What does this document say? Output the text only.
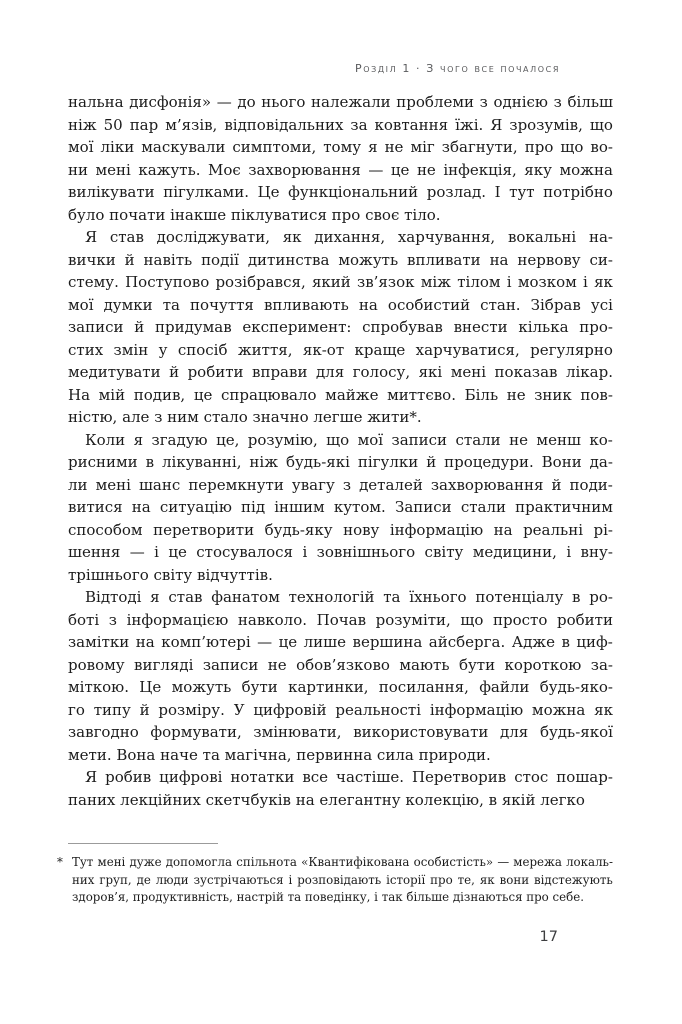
Розділ 1 · З чого все почалося
нальна дисфонія» — до нього належали проблеми з однією з більш
ніж 50 пар м’язів, відповідальних за ковтання їжі. Я зрозумів, що
мої ліки маскували симптоми, тому я не міг збагнути, про що во-
ни мені кажуть. Моє захворювання — це не інфекція, яку можна
вилікувати пігулками. Це функціональний розлад. І тут потрібно
було почати інакше піклуватися про своє тіло.
Я став досліджувати, як дихання, харчування, вокальні на-
вички й навіть події дитинства можуть впливати на нервову си-
стему. Поступово розібрався, який зв’язок між тілом і мозком і як
мої думки та почуття впливають на особистий стан. Зібрав усі
записи й придумав експеримент: спробував внести кілька про-
стих змін у спосіб життя, як-от краще харчуватися, регулярно
медитувати й робити вправи для голосу, які мені показав лікар.
На мій подив, це спрацювало майже миттєво. Біль не зник пов-
ністю, але з ним стало значно легше жити*.
Коли я згадую це, розумію, що мої записи стали не менш ко-
рисними в лікуванні, ніж будь-які пігулки й процедури. Вони да-
ли мені шанс перемкнути увагу з деталей захворювання й поди-
витися на ситуацію під іншим кутом. Записи стали практичним
способом перетворити будь-яку нову інформацію на реальні рі-
шення — і це стосувалося і зовнішнього світу медицини, і вну-
трішнього світу відчуттів.
Відтоді я став фанатом технологій та їхнього потенціалу в ро-
боті з інформацією навколо. Почав розуміти, що просто робити
замітки на комп’ютері — це лише вершина айсберга. Адже в циф-
ровому вигляді записи не обов’язково мають бути короткою за-
міткою. Це можуть бути картинки, посилання, файли будь-яко-
го типу й розміру. У цифровій реальності інформацію можна як
завгодно формувати, змінювати, використовувати для будь-якої
мети. Вона наче та магічна, первинна сила природи.
Я робив цифрові нотатки все частіше. Перетворив стос пошар-
паних лекційних скетчбуків на елегантну колекцію, в якій легко
* Тут мені дуже допомогла спільнота «Квантифікована особистість» — мережа локаль-
них груп, де люди зустрічаються і розповідають історії про те, як вони відстежують
здоров’я, продуктивність, настрій та поведінку, і так більше дізнаються про себе.
17
